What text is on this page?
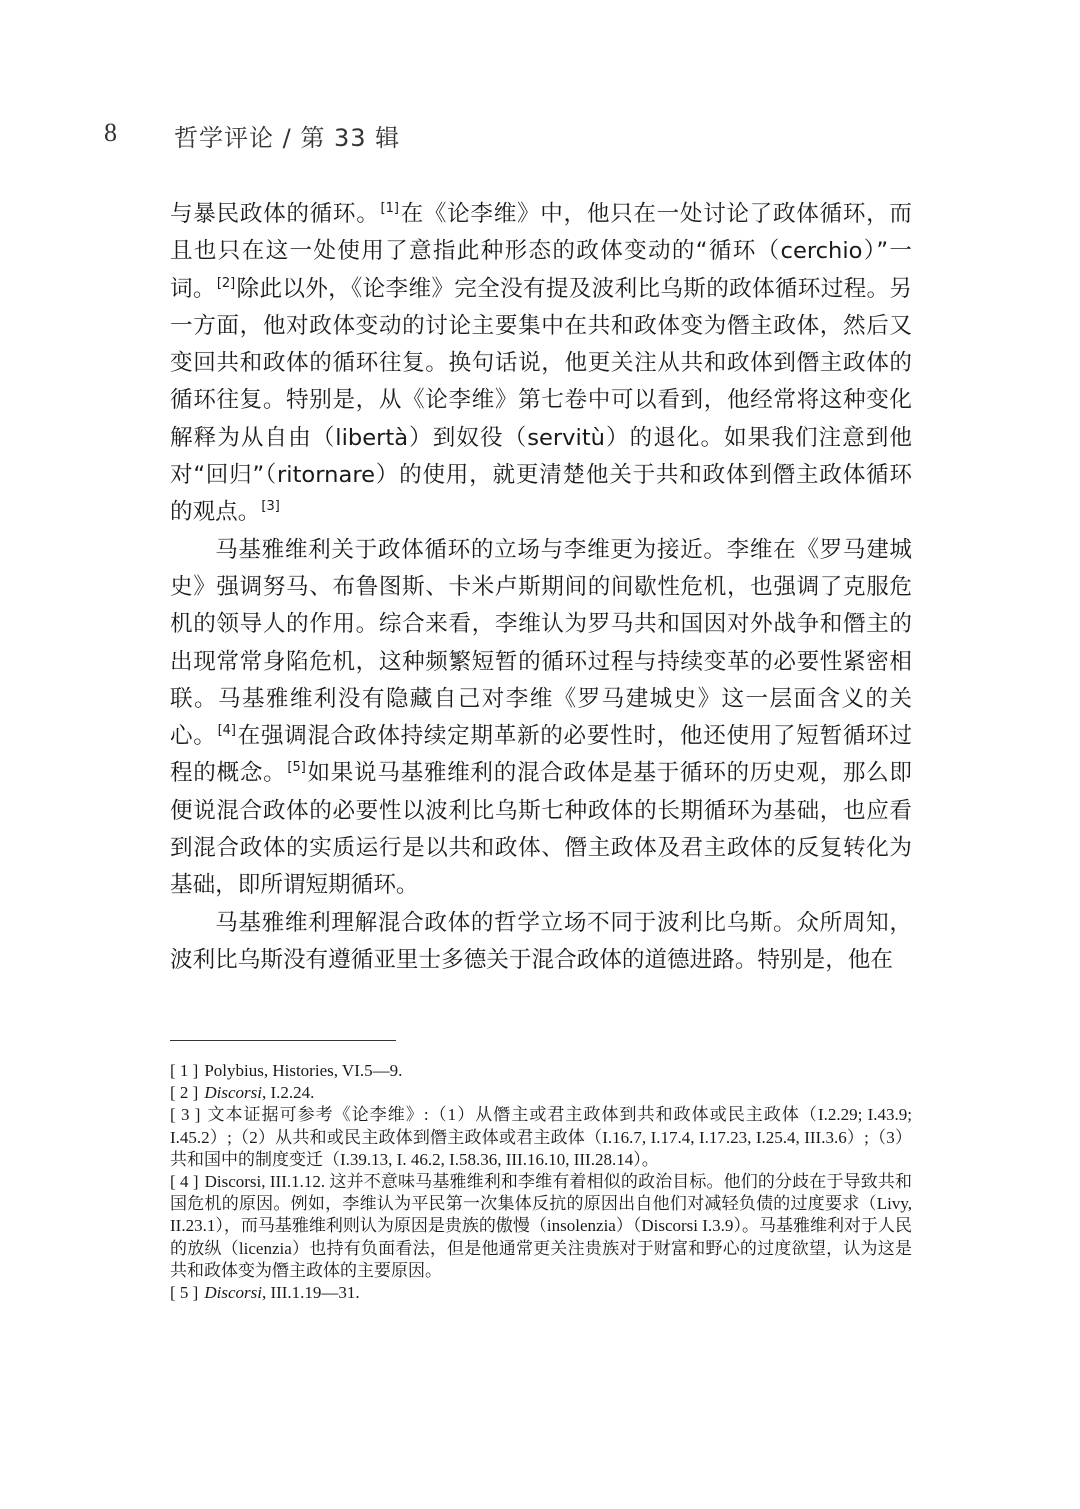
8 哲学评论 / 第 33 辑

与暴民政体的循环。[1]在《论李维》中，他只在一处讨论了政体循环，而且也只在这一处使用了意指此种形态的政体变动的“循环（cerchio）”一词。[2]除此以外，《论李维》完全没有提及波利比乌斯的政体循环过程。另一方面，他对政体变动的讨论主要集中在共和政体变为僭主政体，然后又变回共和政体的循环往复。换句话说，他更关注从共和政体到僭主政体的循环往复。特别是，从《论李维》第七卷中可以看到，他经常将这种变化解释为从自由（libertà）到奴役（servitù）的退化。如果我们注意到他对“回归”（ritornare）的使用，就更清楚他关于共和政体到僭主政体循环的观点。[3]

马基雅维利关于政体循环的立场与李维更为接近。李维在《罗马建城史》强调努马、布鲁图斯、卡米卢斯期间的间歇性危机，也强调了克服危机的领导人的作用。综合来看，李维认为罗马共和国因对外战争和僭主的出现常常身陷危机，这种频繁短暂的循环过程与持续变革的必要性紧密相联。马基雅维利没有隐藏自己对李维《罗马建城史》这一层面含义的关心。[4]在强调混合政体持续定期革新的必要性时，他还使用了短暂循环过程的概念。[5]如果说马基雅维利的混合政体是基于循环的历史观，那么即便说混合政体的必要性以波利比乌斯七种政体的长期循环为基础，也应看到混合政体的实质运行是以共和政体、僭主政体及君主政体的反复转化为基础，即所谓短期循环。

马基雅维利理解混合政体的哲学立场不同于波利比乌斯。众所周知，波利比乌斯没有遵循亚里士多德关于混合政体的道德进路。特别是，他在

[ 1 ] Polybius, Histories, VI.5—9.

[ 2 ] Discorsi, I.2.24.

[ 3 ] 文本证据可参考《论李维》:（1）从僭主或君主政体到共和政体或民主政体（I.2.29; I.43.9; I.45.2）;（2）从共和或民主政体到僭主政体或君主政体（I.16.7, I.17.4, I.17.23, I.25.4, III.3.6）;（3）共和国中的制度变迁（I.39.13, I. 46.2, I.58.36, III.16.10, III.28.14）。

[ 4 ] Discorsi, III.1.12. 这并不意味马基雅维利和李维有着相似的政治目标。他们的分歧在于导致共和国危机的原因。例如，李维认为平民第一次集体反抗的原因出自他们对减轻负债的过度要求（Livy, II.23.1），而马基雅维利则认为原因是贵族的傲慢（insolenzia）（Discorsi I.3.9）。马基雅维利对于人民的放纵（licenzia）也持有负面看法，但是他通常更关注贵族对于财富和野心的过度欲望，认为这是共和政体变为僭主政体的主要原因。

[ 5 ] Discorsi, III.1.19—31.
